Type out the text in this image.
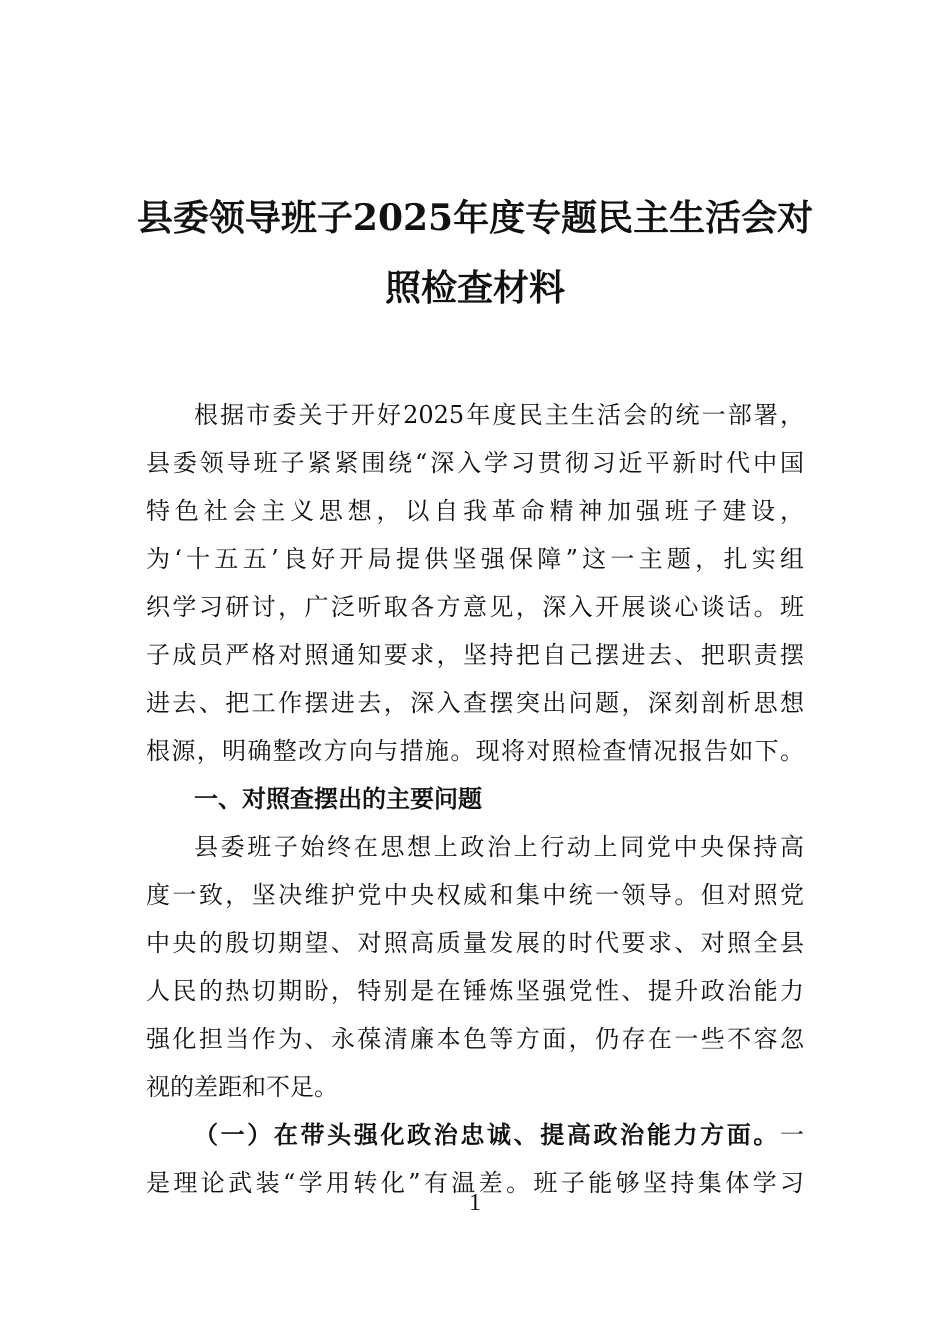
县委领导班子2025年度专题民主生活会对
照检查材料

根据市委关于开好2025年度民主生活会的统一部署，

县委领导班子紧紧围绕“深入学习贯彻习近平新时代中国

特色社会主义思想，以自我革命精神加强班子建设，

为‘十五五’良好开局提供坚强保障”这一主题，扎实组

织学习研讨，广泛听取各方意见，深入开展谈心谈话。班

子成员严格对照通知要求，坚持把自己摆进去、把职责摆

进去、把工作摆进去，深入查摆突出问题，深刻剖析思想

根源，明确整改方向与措施。现将对照检查情况报告如下。

一、对照查摆出的主要问题

县委班子始终在思想上政治上行动上同党中央保持高

度一致，坚决维护党中央权威和集中统一领导。但对照党

中央的殷切期望、对照高质量发展的时代要求、对照全县

人民的热切期盼，特别是在锤炼坚强党性、提升政治能力

强化担当作为、永葆清廉本色等方面，仍存在一些不容忽

视的差距和不足。

（一）在带头强化政治忠诚、提高政治能力方面。一

是理论武装“学用转化”有温差。班子能够坚持集体学习

1
